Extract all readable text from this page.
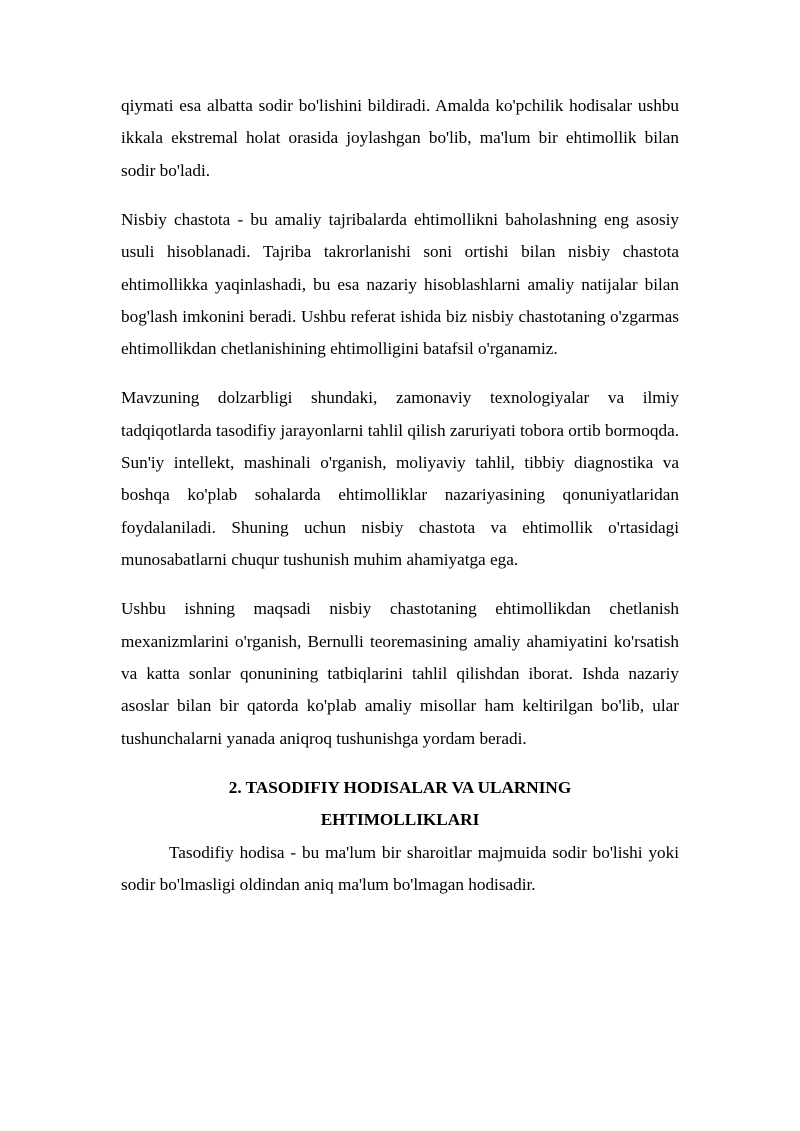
qiymati esa albatta sodir bo'lishini bildiradi. Amalda ko'pchilik hodisalar ushbu ikkala ekstremal holat orasida joylashgan bo'lib, ma'lum bir ehtimollik bilan sodir bo'ladi.

Nisbiy chastota - bu amaliy tajribalarda ehtimollikni baholashning eng asosiy usuli hisoblanadi. Tajriba takrorlanishi soni ortishi bilan nisbiy chastota ehtimollikka yaqinlashadi, bu esa nazariy hisoblashlarni amaliy natijalar bilan bog'lash imkonini beradi. Ushbu referat ishida biz nisbiy chastotaning o'zgarmas ehtimollikdan chetlanishining ehtimolligini batafsil o'rganamiz.

Mavzuning dolzarbligi shundaki, zamonaviy texnologiyalar va ilmiy tadqiqotlarda tasodifiy jarayonlarni tahlil qilish zaruriyati tobora ortib bormoqda. Sun'iy intellekt, mashinali o'rganish, moliyaviy tahlil, tibbiy diagnostika va boshqa ko'plab sohalarda ehtimolliklar nazariyasining qonuniyatlaridan foydalaniladi. Shuning uchun nisbiy chastota va ehtimollik o'rtasidagi munosabatlarni chuqur tushunish muhim ahamiyatga ega.

Ushbu ishning maqsadi nisbiy chastotaning ehtimollikdan chetlanish mexanizmlarini o'rganish, Bernulli teoremasining amaliy ahamiyatini ko'rsatish va katta sonlar qonunining tatbiqlarini tahlil qilishdan iborat. Ishda nazariy asoslar bilan bir qatorda ko'plab amaliy misollar ham keltirilgan bo'lib, ular tushunchalarni yanada aniqroq tushunishga yordam beradi.

2. TASODIFIY HODISALAR VA ULARNING
EHTIMOLLIKLARI

Tasodifiy hodisa - bu ma'lum bir sharoitlar majmuida sodir bo'lishi yoki sodir bo'lmasligi oldindan aniq ma'lum bo'lmagan hodisadir.
